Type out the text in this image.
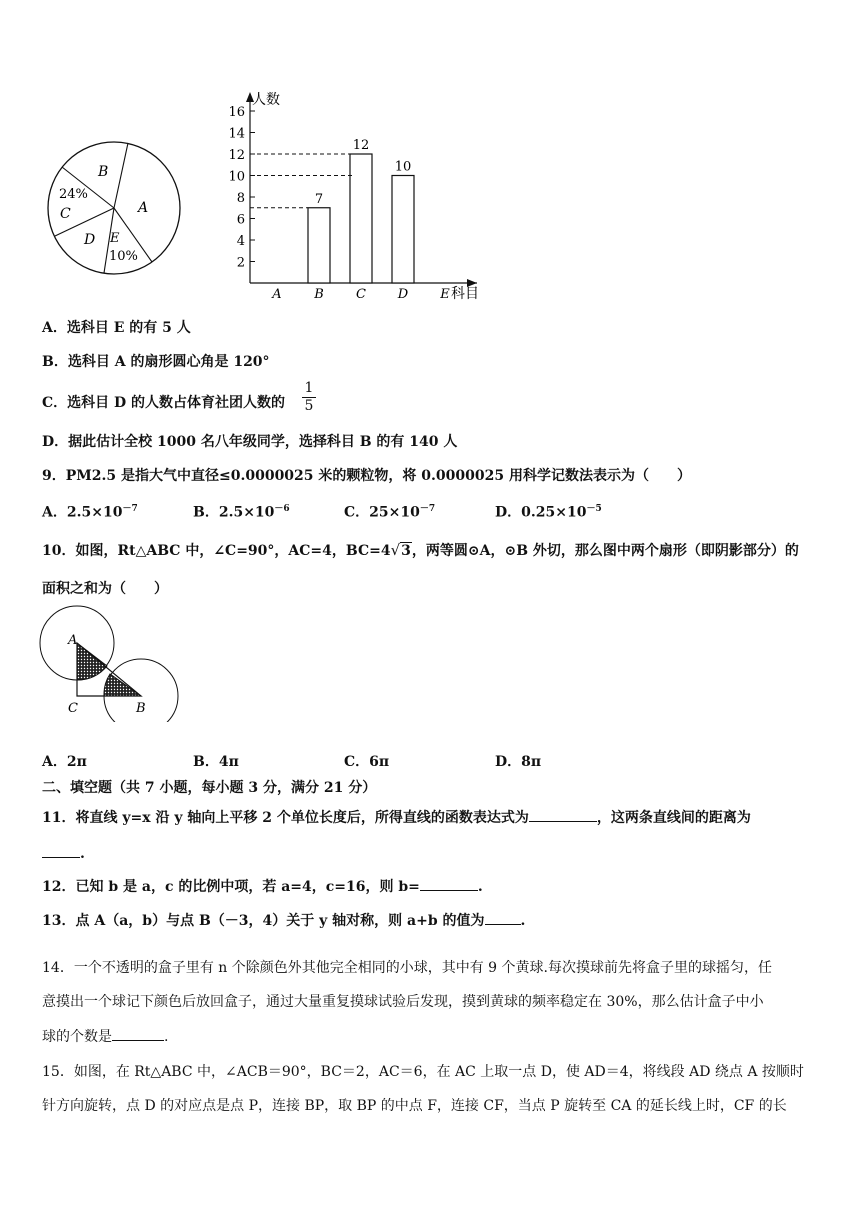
B
A
24%
C
D E
10%
人数
科目
2
4
6
8
10
12
14
16
A
7
B
12
C
10
D E
A．选科目 E 的有 5 人
B．选科目 A 的扇形圆心角是 120°
C．选科目 D 的人数占体育社团人数的 $\frac{1}{5}$
D．据此估计全校 1000 名八年级同学，选择科目 B 的有 140 人
9．PM2.5 是指大气中直径≤0.0000025 米的颗粒物，将 0.0000025 用科学记数法表示为（　　）
A．$2.5\times 10^{-7}$	B．$2.5\times 10^{-6}$	C．$25\times 10^{-7}$	D．$0.25\times 10^{-5}$
10．如图，Rt△ABC 中，∠C=90°，AC=4，BC=4√3，两等圆⊙A，⊙B 外切，那么图中两个扇形（即阴影部分）的
面积之和为（　　）
A
C	B
A．2π	B．4π	C．6π	D．8π
二、填空题（共 7 小题，每小题 3 分，满分 21 分）
11．将直线 y=x 沿 y 轴向上平移 2 个单位长度后，所得直线的函数表达式为	，这两条直线间的距离为
.
12．已知 b 是 a，c 的比例中项，若 a=4，c=16，则 b=	.
13．点 A（a，b）与点 B（－3，4）关于 y 轴对称，则 a+b 的值为	.
14．一个不透明的盒子里有 n 个除颜色外其他完全相同的小球，其中有 9 个黄球.每次摸球前先将盒子里的球摇匀，任
意摸出一个球记下颜色后放回盒子，通过大量重复摸球试验后发现，摸到黄球的频率稳定在 30%，那么估计盒子中小
球的个数是	.
15．如图，在 Rt△ABC 中，∠ACB＝90°，BC＝2，AC＝6，在 AC 上取一点 D，使 AD＝4，将线段 AD 绕点 A 按顺时
针方向旋转，点 D 的对应点是点 P，连接 BP，取 BP 的中点 F，连接 CF，当点 P 旋转至 CA 的延长线上时，CF 的长
